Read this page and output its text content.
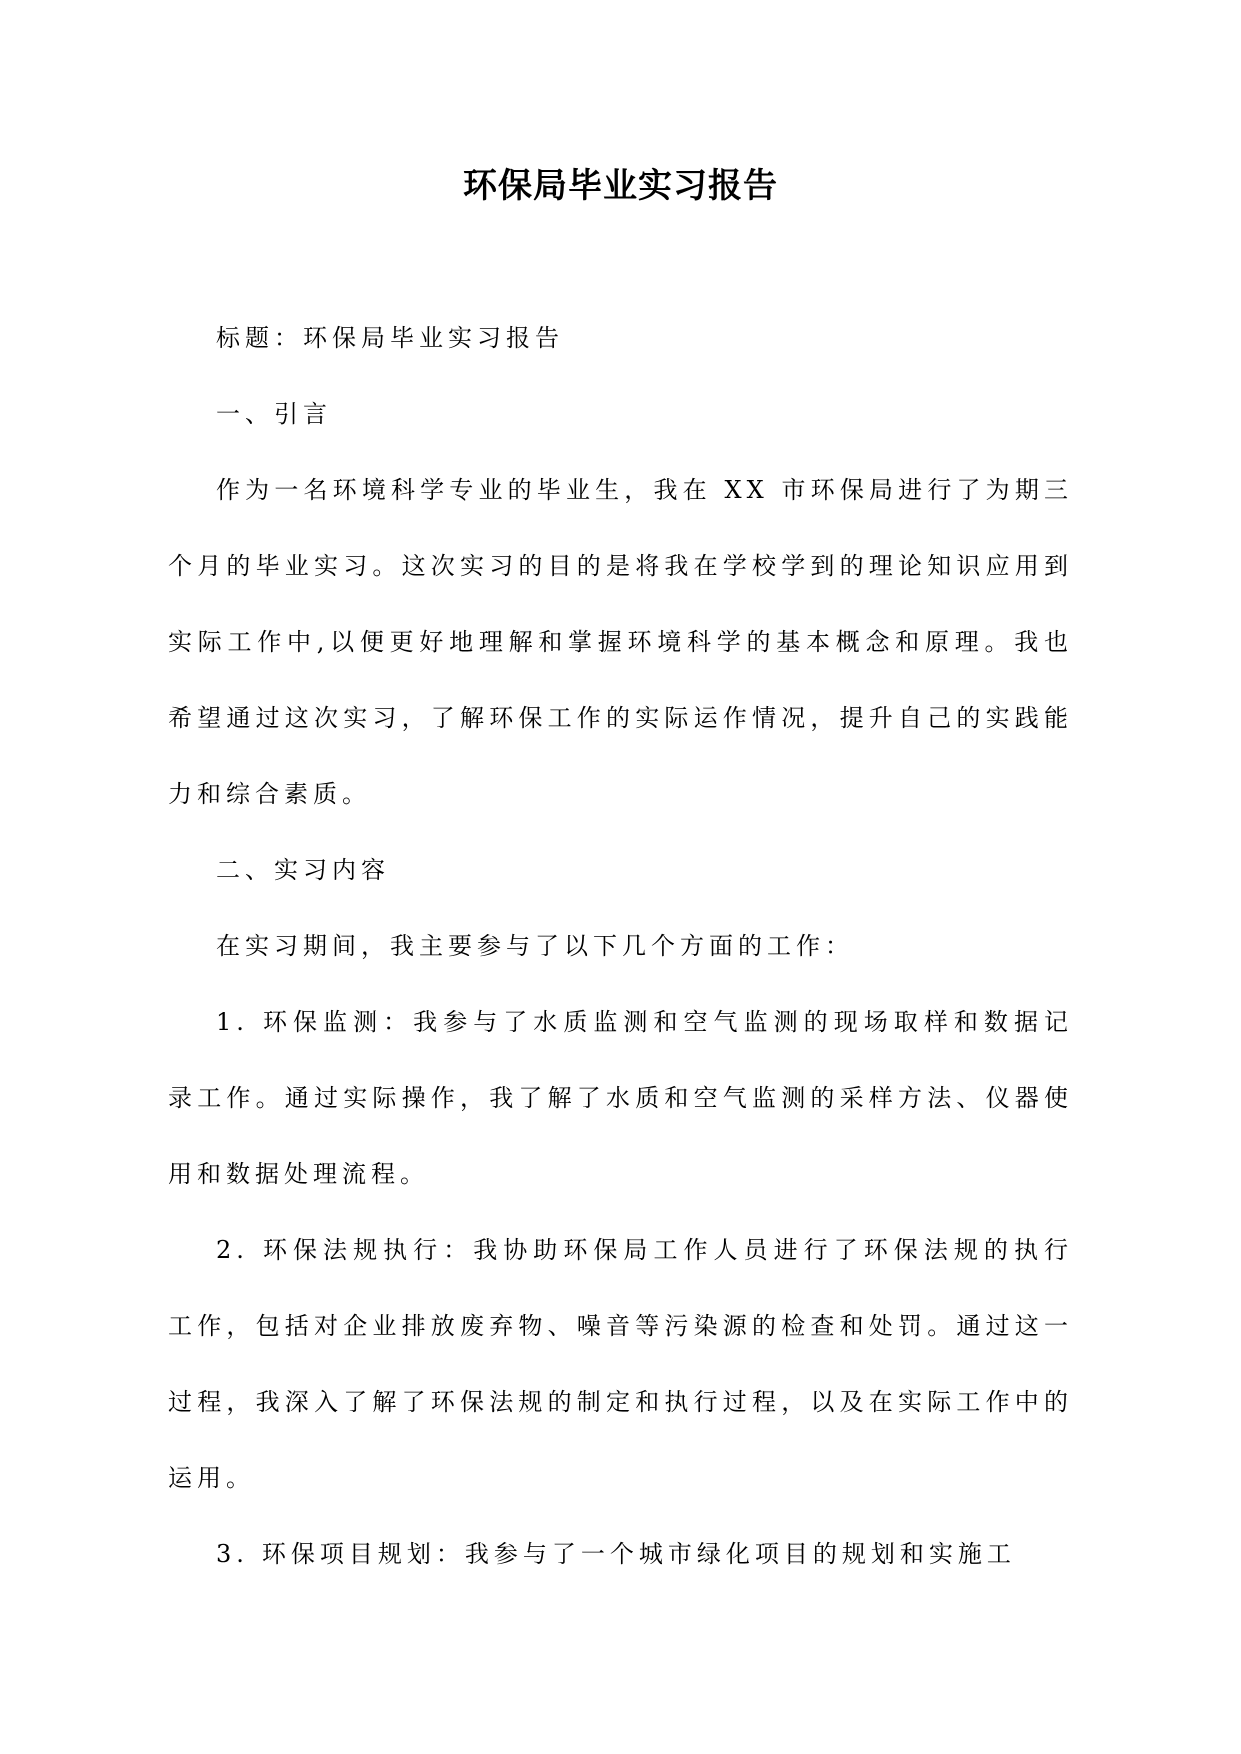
环保局毕业实习报告

标题：环保局毕业实习报告

一、引言

作为一名环境科学专业的毕业生，我在 XX 市环保局进行了为期三个月的毕业实习。这次实习的目的是将我在学校学到的理论知识应用到实际工作中,以便更好地理解和掌握环境科学的基本概念和原理。我也希望通过这次实习，了解环保工作的实际运作情况，提升自己的实践能力和综合素质。

二、实习内容

在实习期间，我主要参与了以下几个方面的工作：

1. 环保监测：我参与了水质监测和空气监测的现场取样和数据记录工作。通过实际操作，我了解了水质和空气监测的采样方法、仪器使用和数据处理流程。

2. 环保法规执行：我协助环保局工作人员进行了环保法规的执行工作，包括对企业排放废弃物、噪音等污染源的检查和处罚。通过这一过程，我深入了解了环保法规的制定和执行过程，以及在实际工作中的运用。

3. 环保项目规划：我参与了一个城市绿化项目的规划和实施工
